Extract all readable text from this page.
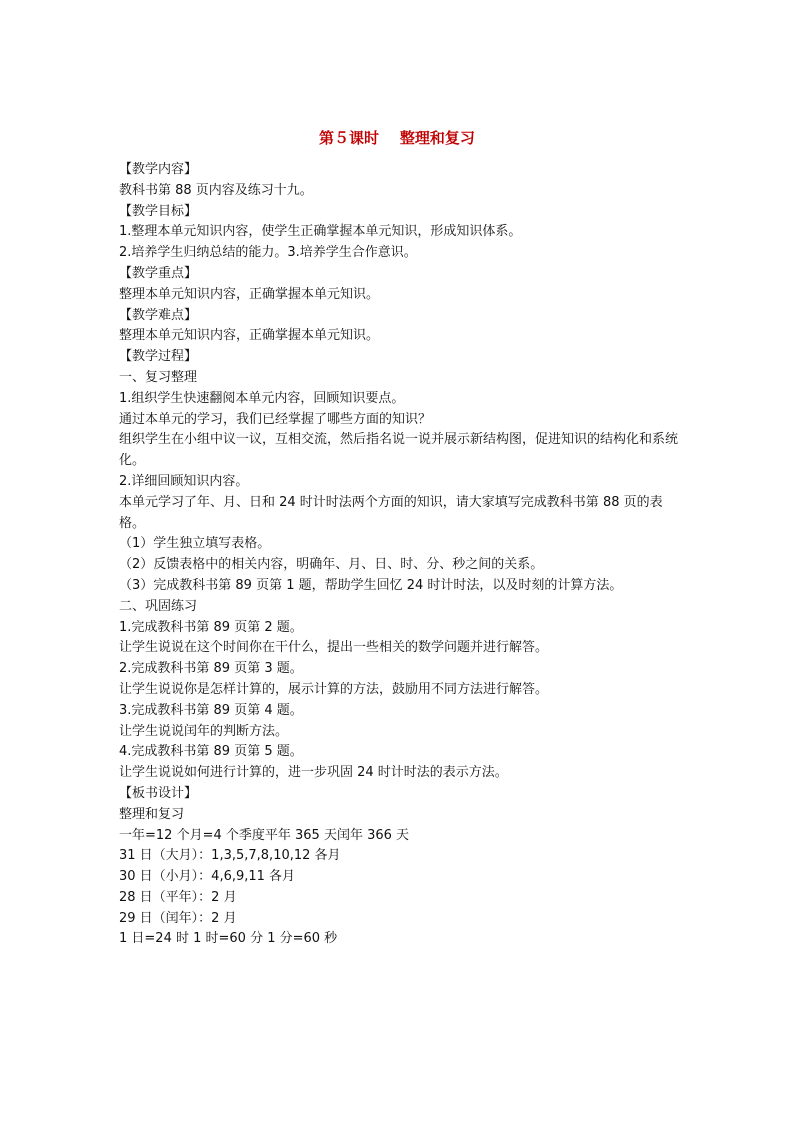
第５课时    整理和复习

【教学内容】

教科书第 88 页内容及练习十九。

【教学目标】

1.整理本单元知识内容，使学生正确掌握本单元知识，形成知识体系。

2.培养学生归纳总结的能力。3.培养学生合作意识。

【教学重点】

整理本单元知识内容，正确掌握本单元知识。

【教学难点】

整理本单元知识内容，正确掌握本单元知识。

【教学过程】

一、复习整理

1.组织学生快速翻阅本单元内容，回顾知识要点。

通过本单元的学习，我们已经掌握了哪些方面的知识？

组织学生在小组中议一议，互相交流，然后指名说一说并展示新结构图，促进知识的结构化和系统化。

2.详细回顾知识内容。

本单元学习了年、月、日和 24 时计时法两个方面的知识，请大家填写完成教科书第 88 页的表格。

（1）学生独立填写表格。

（2）反馈表格中的相关内容，明确年、月、日、时、分、秒之间的关系。

（3）完成教科书第 89 页第 1 题，帮助学生回忆 24 时计时法，以及时刻的计算方法。

二、巩固练习

1.完成教科书第 89 页第 2 题。

让学生说说在这个时间你在干什么，提出一些相关的数学问题并进行解答。

2.完成教科书第 89 页第 3 题。

让学生说说你是怎样计算的，展示计算的方法，鼓励用不同方法进行解答。

3.完成教科书第 89 页第 4 题。

让学生说说闰年的判断方法。

4.完成教科书第 89 页第 5 题。

让学生说说如何进行计算的，进一步巩固 24 时计时法的表示方法。

【板书设计】

整理和复习

一年=12 个月=4 个季度平年 365 天闰年 366 天

31 日（大月）：1,3,5,7,8,10,12 各月

30 日（小月）：4,6,9,11 各月

28 日（平年）：2 月

29 日（闰年）：2 月

1 日=24 时 1 时=60 分 1 分=60 秒
